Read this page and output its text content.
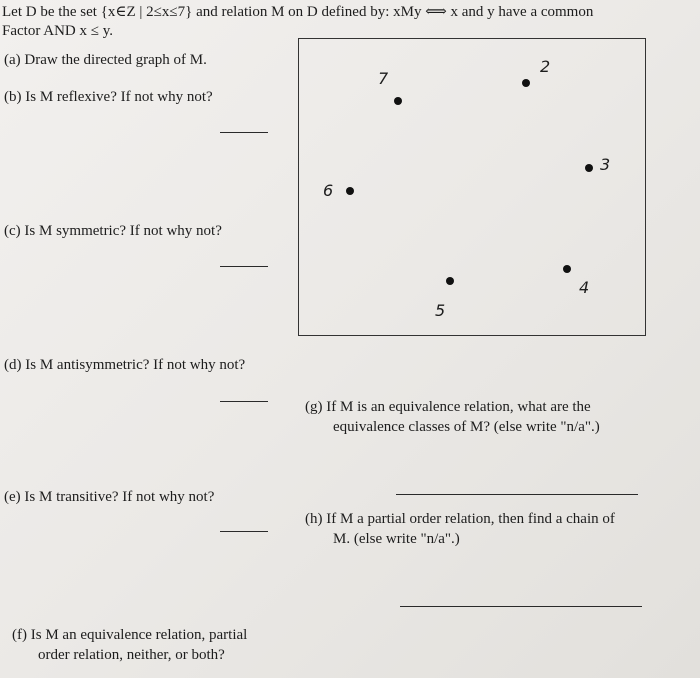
Let D be the set {x∈Z | 2≤x≤7} and relation M on D defined by: xMy ⟺ x and y have a common
Factor AND x ≤ y.
(a) Draw the directed graph of M.
(b) Is M reflexive? If not why not?
(c) Is M symmetric? If not why not?
(d) Is M antisymmetric? If not why not?
(e) Is M transitive? If not why not?
(f) Is M an equivalence relation, partial
order relation, neither, or both?
(g) If M is an equivalence relation, what are the
equivalence classes of M? (else write "n/a".)
(h) If M a partial order relation, then find a chain of
M. (else write "n/a".)
2
3
4
5
6
7
